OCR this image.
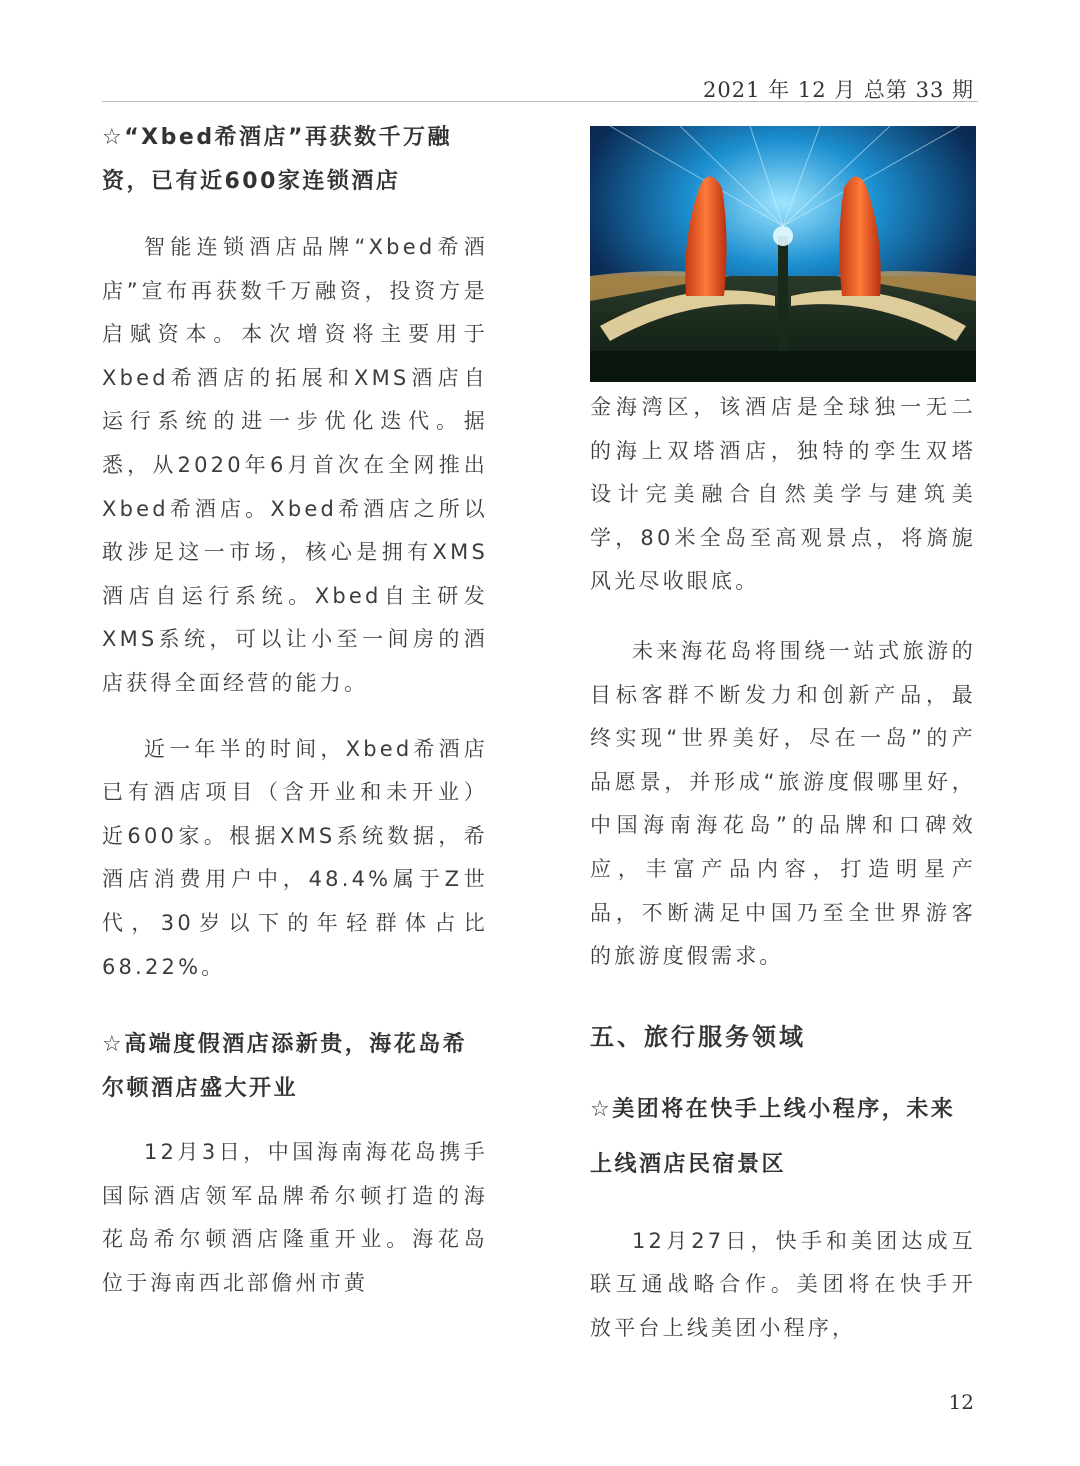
2021 年 12 月 总第 33 期

☆“Xbed希酒店”再获数千万融资，已有近600家连锁酒店

智能连锁酒店品牌“Xbed希酒店”宣布再获数千万融资，投资方是启赋资本。本次增资将主要用于Xbed希酒店的拓展和XMS酒店自运行系统的进一步优化迭代。据悉，从2020年6月首次在全网推出Xbed希酒店。Xbed希酒店之所以敢涉足这一市场，核心是拥有XMS酒店自运行系统。Xbed自主研发XMS系统，可以让小至一间房的酒店获得全面经营的能力。

近一年半的时间，Xbed希酒店已有酒店项目（含开业和未开业）近600家。根据XMS系统数据，希酒店消费用户中，48.4%属于Z世代，30岁以下的年轻群体占比68.22%。

☆高端度假酒店添新贵，海花岛希尔顿酒店盛大开业

12月3日，中国海南海花岛携手国际酒店领军品牌希尔顿打造的海花岛希尔顿酒店隆重开业。海花岛位于海南西北部儋州市黄

金海湾区，该酒店是全球独一无二的海上双塔酒店，独特的孪生双塔设计完美融合自然美学与建筑美学，80米全岛至高观景点，将旖旎风光尽收眼底。

未来海花岛将围绕一站式旅游的目标客群不断发力和创新产品，最终实现“世界美好，尽在一岛”的产品愿景，并形成“旅游度假哪里好，中国海南海花岛”的品牌和口碑效应，丰富产品内容，打造明星产品，不断满足中国乃至全世界游客的旅游度假需求。

五、旅行服务领域

☆美团将在快手上线小程序，未来上线酒店民宿景区

12月27日，快手和美团达成互联互通战略合作。美团将在快手开放平台上线美团小程序，

12
